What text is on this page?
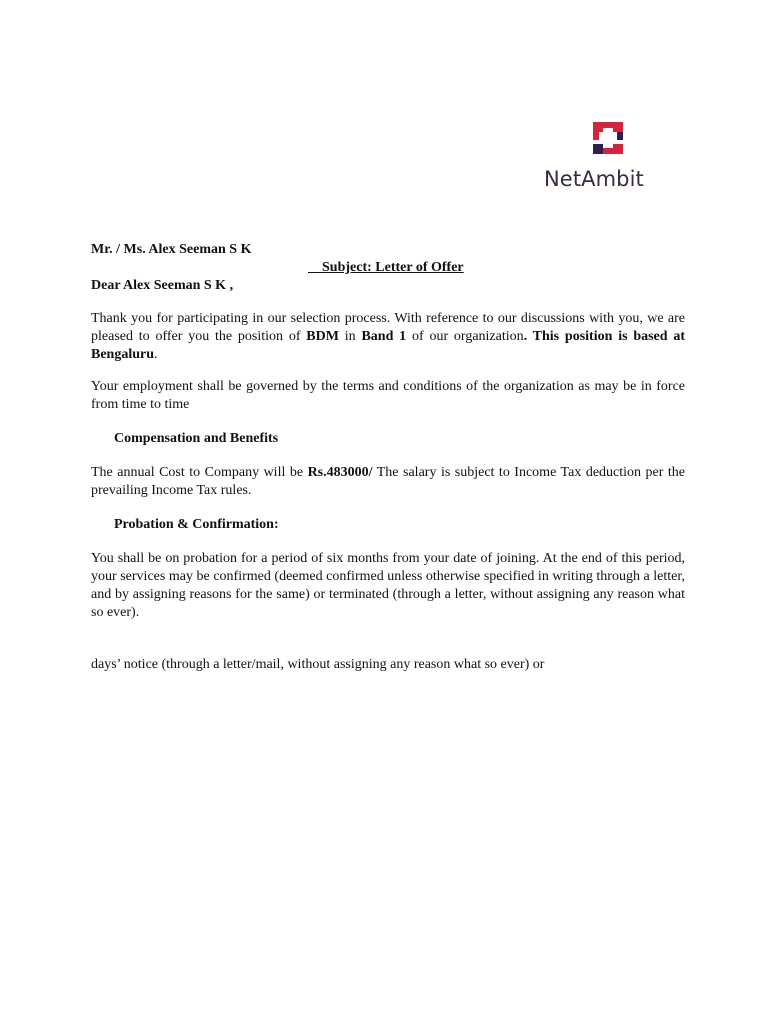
NetAmbit
Mr. / Ms. Alex Seeman S K
Subject: Letter of Offer
Dear Alex Seeman S K ,
Thank you for participating in our selection process. With reference to our discussions with you, we are pleased to offer you the position of BDM in Band 1 of our organization. This position is based at Bengaluru.
Your employment shall be governed by the terms and conditions of the organization as may be in force from time to time
Compensation and Benefits
The annual Cost to Company will be Rs.483000/ The salary is subject to Income Tax deduction per the prevailing Income Tax rules.
Probation & Confirmation:
You shall be on probation for a period of six months from your date of joining. At the end of this period, your services may be confirmed (deemed confirmed unless otherwise specified in writing through a letter, and by assigning reasons for the same) or terminated (through a letter, without assigning any reason what so ever).
days’ notice (through a letter/mail, without assigning any reason what so ever) or
